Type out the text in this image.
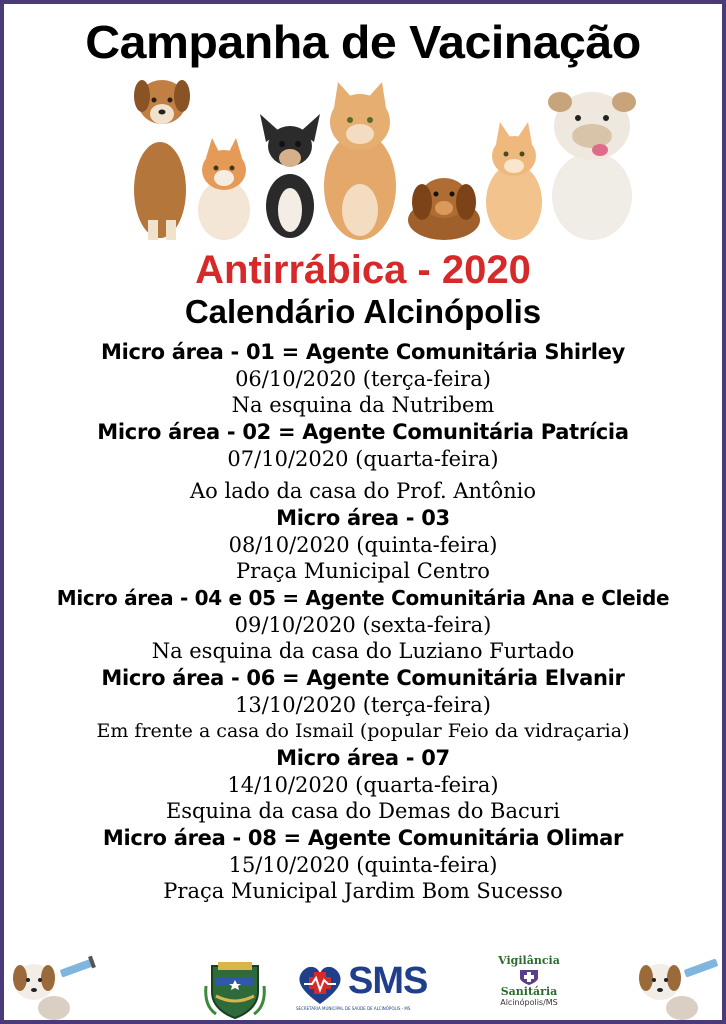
Campanha de Vacinação
Antirrábica - 2020
Calendário Alcinópolis
Micro área - 01 = Agente Comunitária Shirley
06/10/2020 (terça-feira)
Na esquina da Nutribem
Micro área - 02 = Agente Comunitária Patrícia
07/10/2020 (quarta-feira)
Ao lado da casa do Prof. Antônio
Micro área - 03
08/10/2020 (quinta-feira)
Praça Municipal Centro
Micro área - 04 e 05 = Agente Comunitária Ana e Cleide
09/10/2020 (sexta-feira)
Na esquina da casa do Luziano Furtado
Micro área - 06 = Agente Comunitária Elvanir
13/10/2020 (terça-feira)
Em frente a casa do Ismail (popular Feio da vidraçaria)
Micro área - 07
14/10/2020 (quarta-feira)
Esquina da casa do Demas do Bacuri
Micro área - 08 = Agente Comunitária Olimar
15/10/2020 (quinta-feira)
Praça Municipal Jardim Bom Sucesso
SMS
SECRETARIA MUNICIPAL DE SAÚDE DE ALCINÓPOLIS - MS
Vigilância
Sanitária
Alcinópolis/MS
